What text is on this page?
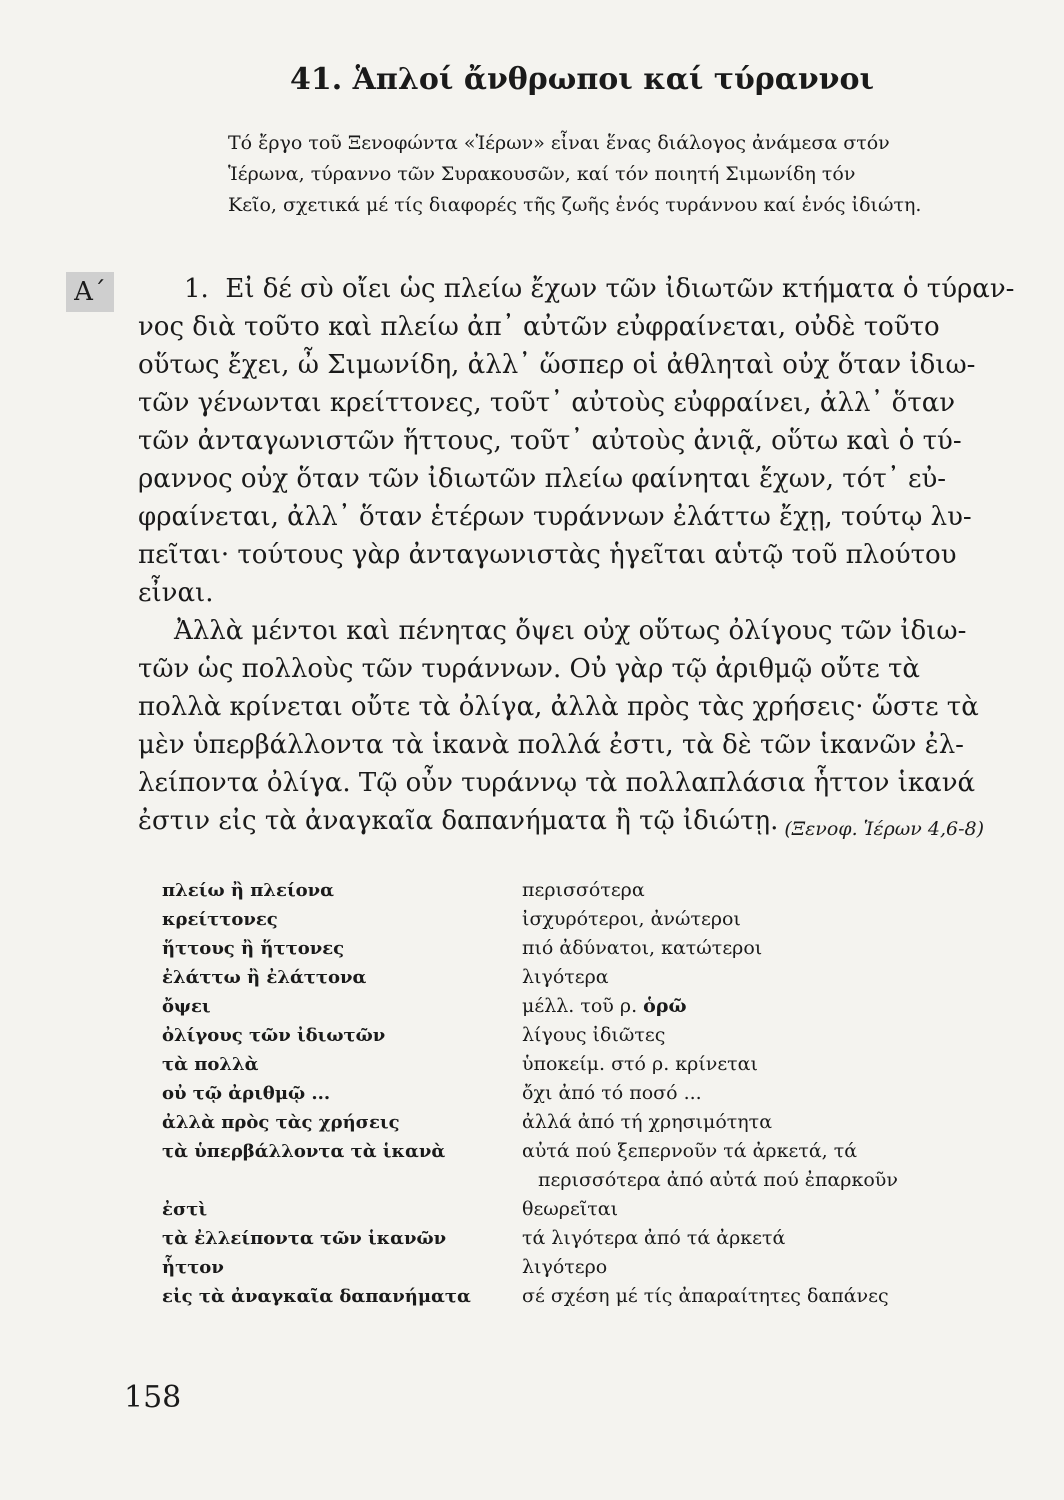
41. Ἁπλοί ἄνθρωποι καί τύραννοι
Τό ἔργο τοῦ Ξενοφώντα «Ἱέρων» εἶναι ἕνας διάλογος ἀνάμεσα στόν
Ἱέρωνα, τύραννο τῶν Συρακουσῶν, καί τόν ποιητή Σιμωνίδη τόν
Κεῖο, σχετικά μέ τίς διαφορές τῆς ζωῆς ἑνός τυράννου καί ἑνός ἰδιώτη.
Α΄	1. Εἰ δέ σὺ οἴει ὡς πλείω ἔχων τῶν ἰδιωτῶν κτήματα ὁ τύραν-
νος διὰ τοῦτο καὶ πλείω ἀπ᾽ αὐτῶν εὐφραίνεται, οὐδὲ τοῦτο
οὕτως ἔχει, ὦ Σιμωνίδη, ἀλλ᾽ ὥσπερ οἱ ἀθληταὶ οὐχ ὅταν ἰδιω-
τῶν γένωνται κρείττονες, τοῦτ᾽ αὐτοὺς εὐφραίνει, ἀλλ᾽ ὅταν
τῶν ἀνταγωνιστῶν ἥττους, τοῦτ᾽ αὐτοὺς ἀνιᾷ, οὕτω καὶ ὁ τύ-
ραννος οὐχ ὅταν τῶν ἰδιωτῶν πλείω φαίνηται ἔχων, τότ᾽ εὐ-
φραίνεται, ἀλλ᾽ ὅταν ἑτέρων τυράννων ἐλάττω ἔχῃ, τούτῳ λυ-
πεῖται· τούτους γὰρ ἀνταγωνιστὰς ἡγεῖται αὑτῷ τοῦ πλούτου
εἶναι.
Ἀλλὰ μέντοι καὶ πένητας ὄψει οὐχ οὕτως ὀλίγους τῶν ἰδιω-
τῶν ὡς πολλοὺς τῶν τυράννων. Οὐ γὰρ τῷ ἀριθμῷ οὔτε τὰ
πολλὰ κρίνεται οὔτε τὰ ὀλίγα, ἀλλὰ πρὸς τὰς χρήσεις· ὥστε τὰ
μὲν ὑπερβάλλοντα τὰ ἱκανὰ πολλά ἐστι, τὰ δὲ τῶν ἱκανῶν ἐλ-
λείποντα ὀλίγα. Τῷ οὖν τυράννῳ τὰ πολλαπλάσια ἧττον ἱκανά
ἐστιν εἰς τὰ ἀναγκαῖα δαπανήματα ἢ τῷ ἰδιώτῃ. (Ξενοφ. Ἱέρων 4,6-8)
πλείω ἢ πλείονα	περισσότερα
κρείττονες	ἰσχυρότεροι, ἀνώτεροι
ἥττους ἢ ἥττονες	πιό ἀδύνατοι, κατώτεροι
ἐλάττω ἢ ἐλάττονα	λιγότερα
ὄψει	μέλλ. τοῦ ρ. ὁρῶ
ὀλίγους τῶν ἰδιωτῶν	λίγους ἰδιῶτες
τὰ πολλὰ	ὑποκείμ. στό ρ. κρίνεται
οὐ τῷ ἀριθμῷ ...	ὄχι ἀπό τό ποσό ...
ἀλλὰ πρὸς τὰς χρήσεις	ἀλλά ἀπό τή χρησιμότητα
τὰ ὑπερβάλλοντα τὰ ἱκανὰ	αὐτά πού ξεπερνοῦν τά ἀρκετά, τά
περισσότερα ἀπό αὐτά πού ἐπαρκοῦν
ἐστὶ	θεωρεῖται
τὰ ἐλλείποντα τῶν ἱκανῶν	τά λιγότερα ἀπό τά ἀρκετά
ἧττον	λιγότερο
εἰς τὰ ἀναγκαῖα δαπανήματα	σέ σχέση μέ τίς ἀπαραίτητες δαπάνες
158
